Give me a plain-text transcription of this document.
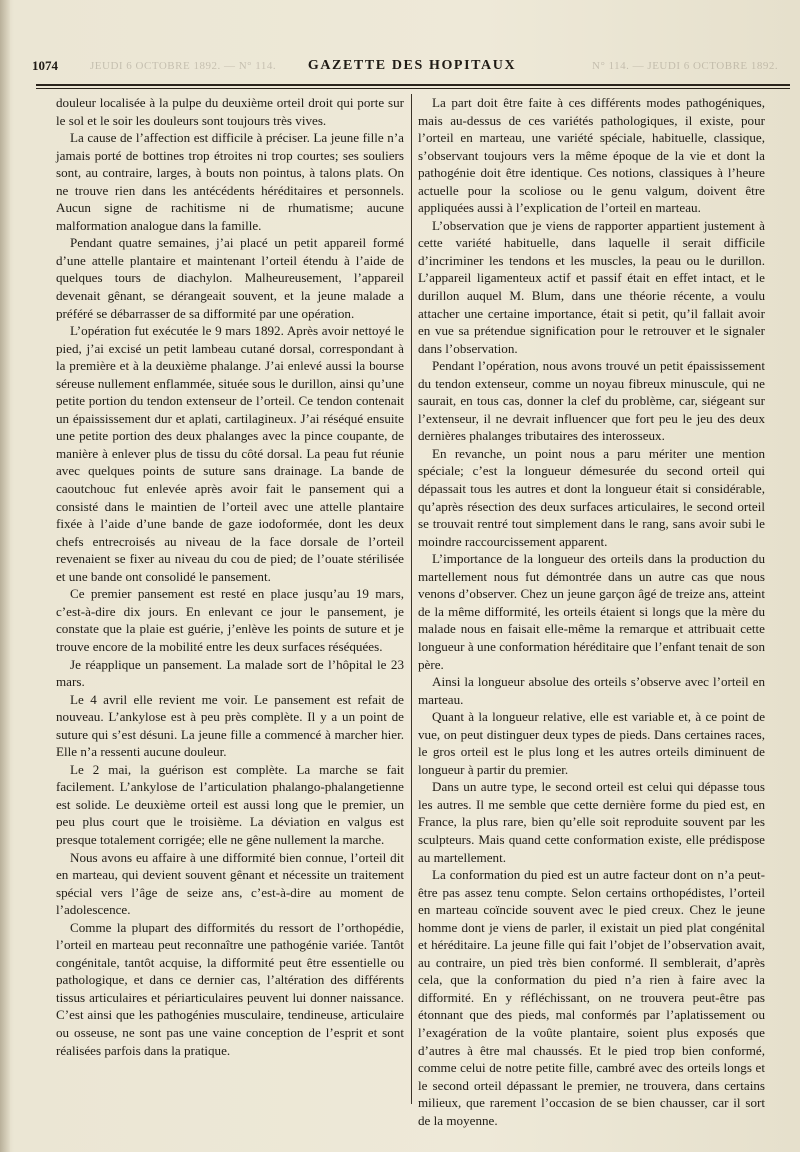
1074	JEUDI 6 OCTOBRE 1892. — N° 114.	GAZETTE DES HOPITAUX	N° 114. — JEUDI 6 OCTOBRE 1892.

douleur localisée à la pulpe du deuxième orteil droit qui porte sur le sol et le soir les douleurs sont toujours très vives.

La cause de l’affection est difficile à préciser. La jeune fille n’a jamais porté de bottines trop étroites ni trop courtes; ses souliers sont, au contraire, larges, à bouts non pointus, à talons plats. On ne trouve rien dans les antécédents héréditaires et personnels. Aucun signe de rachitisme ni de rhumatisme; aucune malformation analogue dans la famille.

Pendant quatre semaines, j’ai placé un petit appareil formé d’une attelle plantaire et maintenant l’orteil étendu à l’aide de quelques tours de diachylon. Malheureusement, l’appareil devenait gênant, se dérangeait souvent, et la jeune malade a préféré se débarrasser de sa difformité par une opération.

L’opération fut exécutée le 9 mars 1892. Après avoir nettoyé le pied, j’ai excisé un petit lambeau cutané dorsal, correspondant à la première et à la deuxième phalange. J’ai enlevé aussi la bourse séreuse nullement enflammée, située sous le durillon, ainsi qu’une petite portion du tendon extenseur de l’orteil. Ce tendon contenait un épaississement dur et aplati, cartilagineux. J’ai réséqué ensuite une petite portion des deux phalanges avec la pince coupante, de manière à enlever plus de tissu du côté dorsal. La peau fut réunie avec quelques points de suture sans drainage. La bande de caoutchouc fut enlevée après avoir fait le pansement qui a consisté dans le maintien de l’orteil avec une attelle plantaire fixée à l’aide d’une bande de gaze iodoformée, dont les deux chefs entrecroisés au niveau de la face dorsale de l’orteil revenaient se fixer au niveau du cou de pied; de l’ouate stérilisée et une bande ont consolidé le pansement.

Ce premier pansement est resté en place jusqu’au 19 mars, c’est-à-dire dix jours. En enlevant ce jour le pansement, je constate que la plaie est guérie, j’enlève les points de suture et je trouve encore de la mobilité entre les deux surfaces réséquées.

Je réapplique un pansement. La malade sort de l’hôpital le 23 mars.

Le 4 avril elle revient me voir. Le pansement est refait de nouveau. L’ankylose est à peu près complète. Il y a un point de suture qui s’est désuni. La jeune fille a commencé à marcher hier. Elle n’a ressenti aucune douleur.

Le 2 mai, la guérison est complète. La marche se fait facilement. L’ankylose de l’articulation phalango-phalangetienne est solide. Le deuxième orteil est aussi long que le premier, un peu plus court que le troisième. La déviation en valgus est presque totalement corrigée; elle ne gêne nullement la marche.

Nous avons eu affaire à une difformité bien connue, l’orteil dit en marteau, qui devient souvent gênant et nécessite un traitement spécial vers l’âge de seize ans, c’est-à-dire au moment de l’adolescence.

Comme la plupart des difformités du ressort de l’orthopédie, l’orteil en marteau peut reconnaître une pathogénie variée. Tantôt congénitale, tantôt acquise, la difformité peut être essentielle ou pathologique, et dans ce dernier cas, l’altération des différents tissus articulaires et périarticulaires peuvent lui donner naissance. C’est ainsi que les pathogénies musculaire, tendineuse, articulaire ou osseuse, ne sont pas une vaine conception de l’esprit et sont réalisées parfois dans la pratique.

La part doit être faite à ces différents modes pathogéniques, mais au-dessus de ces variétés pathologiques, il existe, pour l’orteil en marteau, une variété spéciale, habituelle, classique, s’observant toujours vers la même époque de la vie et dont la pathogénie doit être identique. Ces notions, classiques à l’heure actuelle pour la scoliose ou le genu valgum, doivent être appliquées aussi à l’explication de l’orteil en marteau.

L’observation que je viens de rapporter appartient justement à cette variété habituelle, dans laquelle il serait difficile d’incriminer les tendons et les muscles, la peau ou le durillon. L’appareil ligamenteux actif et passif était en effet intact, et le durillon auquel M. Blum, dans une théorie récente, a voulu attacher une certaine importance, était si petit, qu’il fallait avoir en vue sa prétendue signification pour le retrouver et le signaler dans l’observation.

Pendant l’opération, nous avons trouvé un petit épaississement du tendon extenseur, comme un noyau fibreux minuscule, qui ne saurait, en tous cas, donner la clef du problème, car, siégeant sur l’extenseur, il ne devrait influencer que fort peu le jeu des deux dernières phalanges tributaires des interosseux.

En revanche, un point nous a paru mériter une mention spéciale; c’est la longueur démesurée du second orteil qui dépassait tous les autres et dont la longueur était si considérable, qu’après résection des deux surfaces articulaires, le second orteil se trouvait rentré tout simplement dans le rang, sans avoir subi le moindre raccourcissement apparent.

L’importance de la longueur des orteils dans la production du martellement nous fut démontrée dans un autre cas que nous venons d’observer. Chez un jeune garçon âgé de treize ans, atteint de la même difformité, les orteils étaient si longs que la mère du malade nous en faisait elle-même la remarque et attribuait cette longueur à une conformation héréditaire que l’enfant tenait de son père.

Ainsi la longueur absolue des orteils s’observe avec l’orteil en marteau.

Quant à la longueur relative, elle est variable et, à ce point de vue, on peut distinguer deux types de pieds. Dans certaines races, le gros orteil est le plus long et les autres orteils diminuent de longueur à partir du premier.

Dans un autre type, le second orteil est celui qui dépasse tous les autres. Il me semble que cette dernière forme du pied est, en France, la plus rare, bien qu’elle soit reproduite souvent par les sculpteurs. Mais quand cette conformation existe, elle prédispose au martellement.

La conformation du pied est un autre facteur dont on n’a peut-être pas assez tenu compte. Selon certains orthopédistes, l’orteil en marteau coïncide souvent avec le pied creux. Chez le jeune homme dont je viens de parler, il existait un pied plat congénital et héréditaire. La jeune fille qui fait l’objet de l’observation avait, au contraire, un pied très bien conformé. Il semblerait, d’après cela, que la conformation du pied n’a rien à faire avec la difformité. En y réfléchissant, on ne trouvera peut-être pas étonnant que des pieds, mal conformés par l’aplatissement ou l’exagération de la voûte plantaire, soient plus exposés que d’autres à être mal chaussés. Et le pied trop bien conformé, comme celui de notre petite fille, cambré avec des orteils longs et le second orteil dépassant le premier, ne trouvera, dans certains milieux, que rarement l’occasion de se bien chausser, car il sort de la moyenne.
